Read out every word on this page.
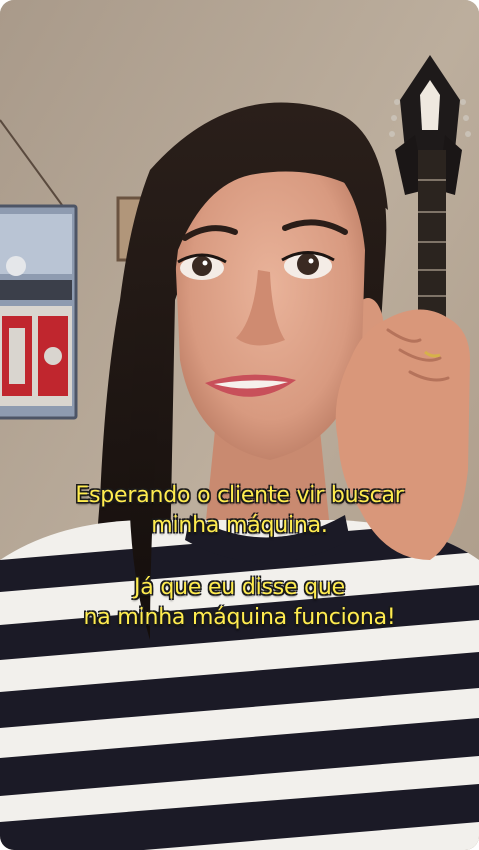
Esperando o cliente vir buscar
minha máquina.
Já que eu disse que
na minha máquina funciona!
